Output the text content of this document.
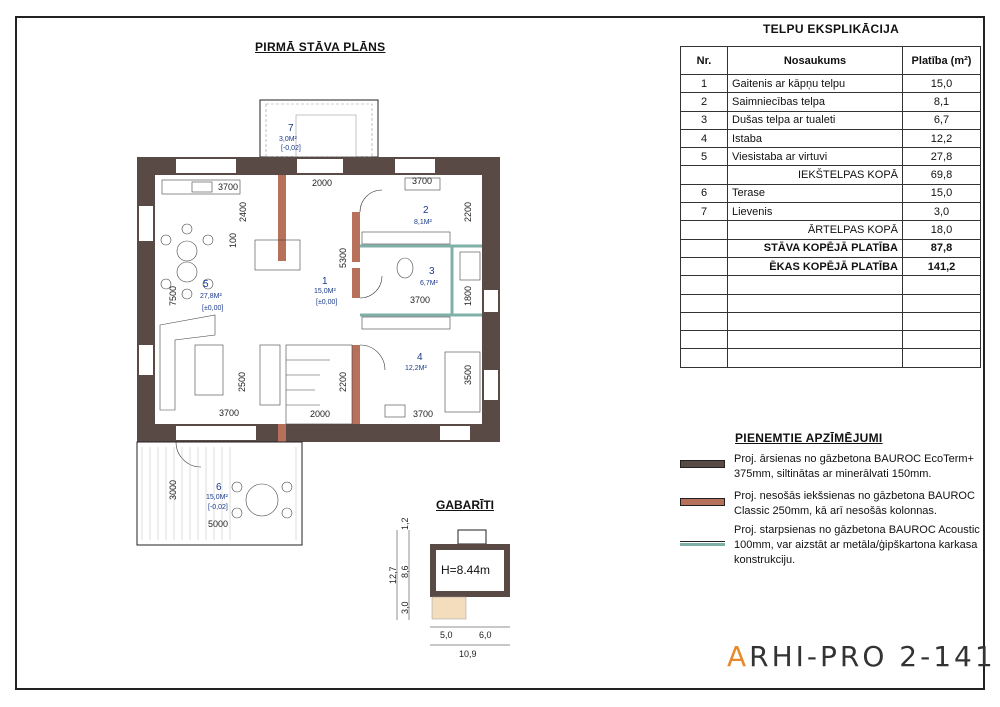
PIRMĀ STĀVA PLĀNS
3700	2000	3700
2400
100
5300
2200
1800
3700
7500
2500
3700	2000
2200
3700
3500
3000
5000
7
3,0M²
[-0,02]
1
15,0M²
[±0,00]
2
8,1M²
3
6,7M²
4
12,2M²
5
27,8M²
[±0,00]
6
15,0M²
[-0,02]
1,2
8,6
3,0
12,7
5,0	6,0
10,9
GABARĪTI
H=8.44m
TELPU EKSPLIKĀCIJA
Nr.	Nosaukums	Platība (m²)
1	Gaitenis ar kāpņu telpu	15,0
2	Saimniecības telpa	8,1
3	Dušas telpa ar tualeti	6,7
4	Istaba	12,2
5	Viesistaba ar virtuvi	27,8
	IEKŠTELPAS KOPĀ	69,8
6	Terase	15,0
7	Lievenis	3,0
	ĀRTELPAS KOPĀ	18,0
	STĀVA KOPĒJĀ PLATĪBA	87,8
	ĒKAS KOPĒJĀ PLATĪBA	141,2

PIENEMTIE APZĪMĒJUMI
Proj. ārsienas no gāzbetona BAUROC EcoTerm+ 375mm, siltinātas ar minerālvati 150mm.
Proj. nesošās iekšsienas no gāzbetona BAUROC Classic 250mm, kā arī nesošās kolonnas.
Proj. starpsienas no gāzbetona BAUROC Acoustic 100mm, var aizstāt ar metāla/ģipškartona karkasa konstrukciju.
ARHI-PRO 2-141
